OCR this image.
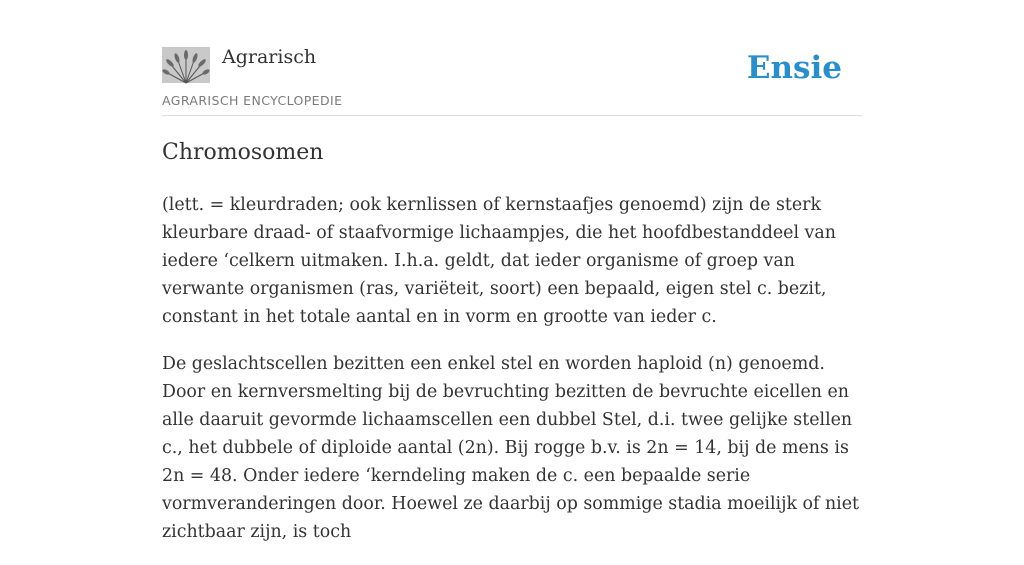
Agrarisch
AGRARISCH ENCYCLOPEDIE
Ensie
Chromosomen

(lett. = kleurdraden; ook kernlissen of kernstaafjes genoemd) zijn de sterk kleurbare draad- of staafvormige lichaampjes, die het hoofdbestanddeel van iedere ‘celkern uitmaken. I.h.a. geldt, dat ieder organisme of groep van verwante organismen (ras, variëteit, soort) een bepaald, eigen stel c. bezit, constant in het totale aantal en in vorm en grootte van ieder c.

De geslachtscellen bezitten een enkel stel en worden haploid (n) genoemd. Door en kernversmelting bij de bevruchting bezitten de bevruchte eicellen en alle daaruit gevormde lichaamscellen een dubbel Stel, d.i. twee gelijke stellen c., het dubbele of diploide aantal (2n). Bij rogge b.v. is 2n = 14, bij de mens is 2n = 48. Onder iedere ‘kerndeling maken de c. een bepaalde serie vormveranderingen door. Hoewel ze daarbij op sommige stadia moeilijk of niet zichtbaar zijn, is toch
